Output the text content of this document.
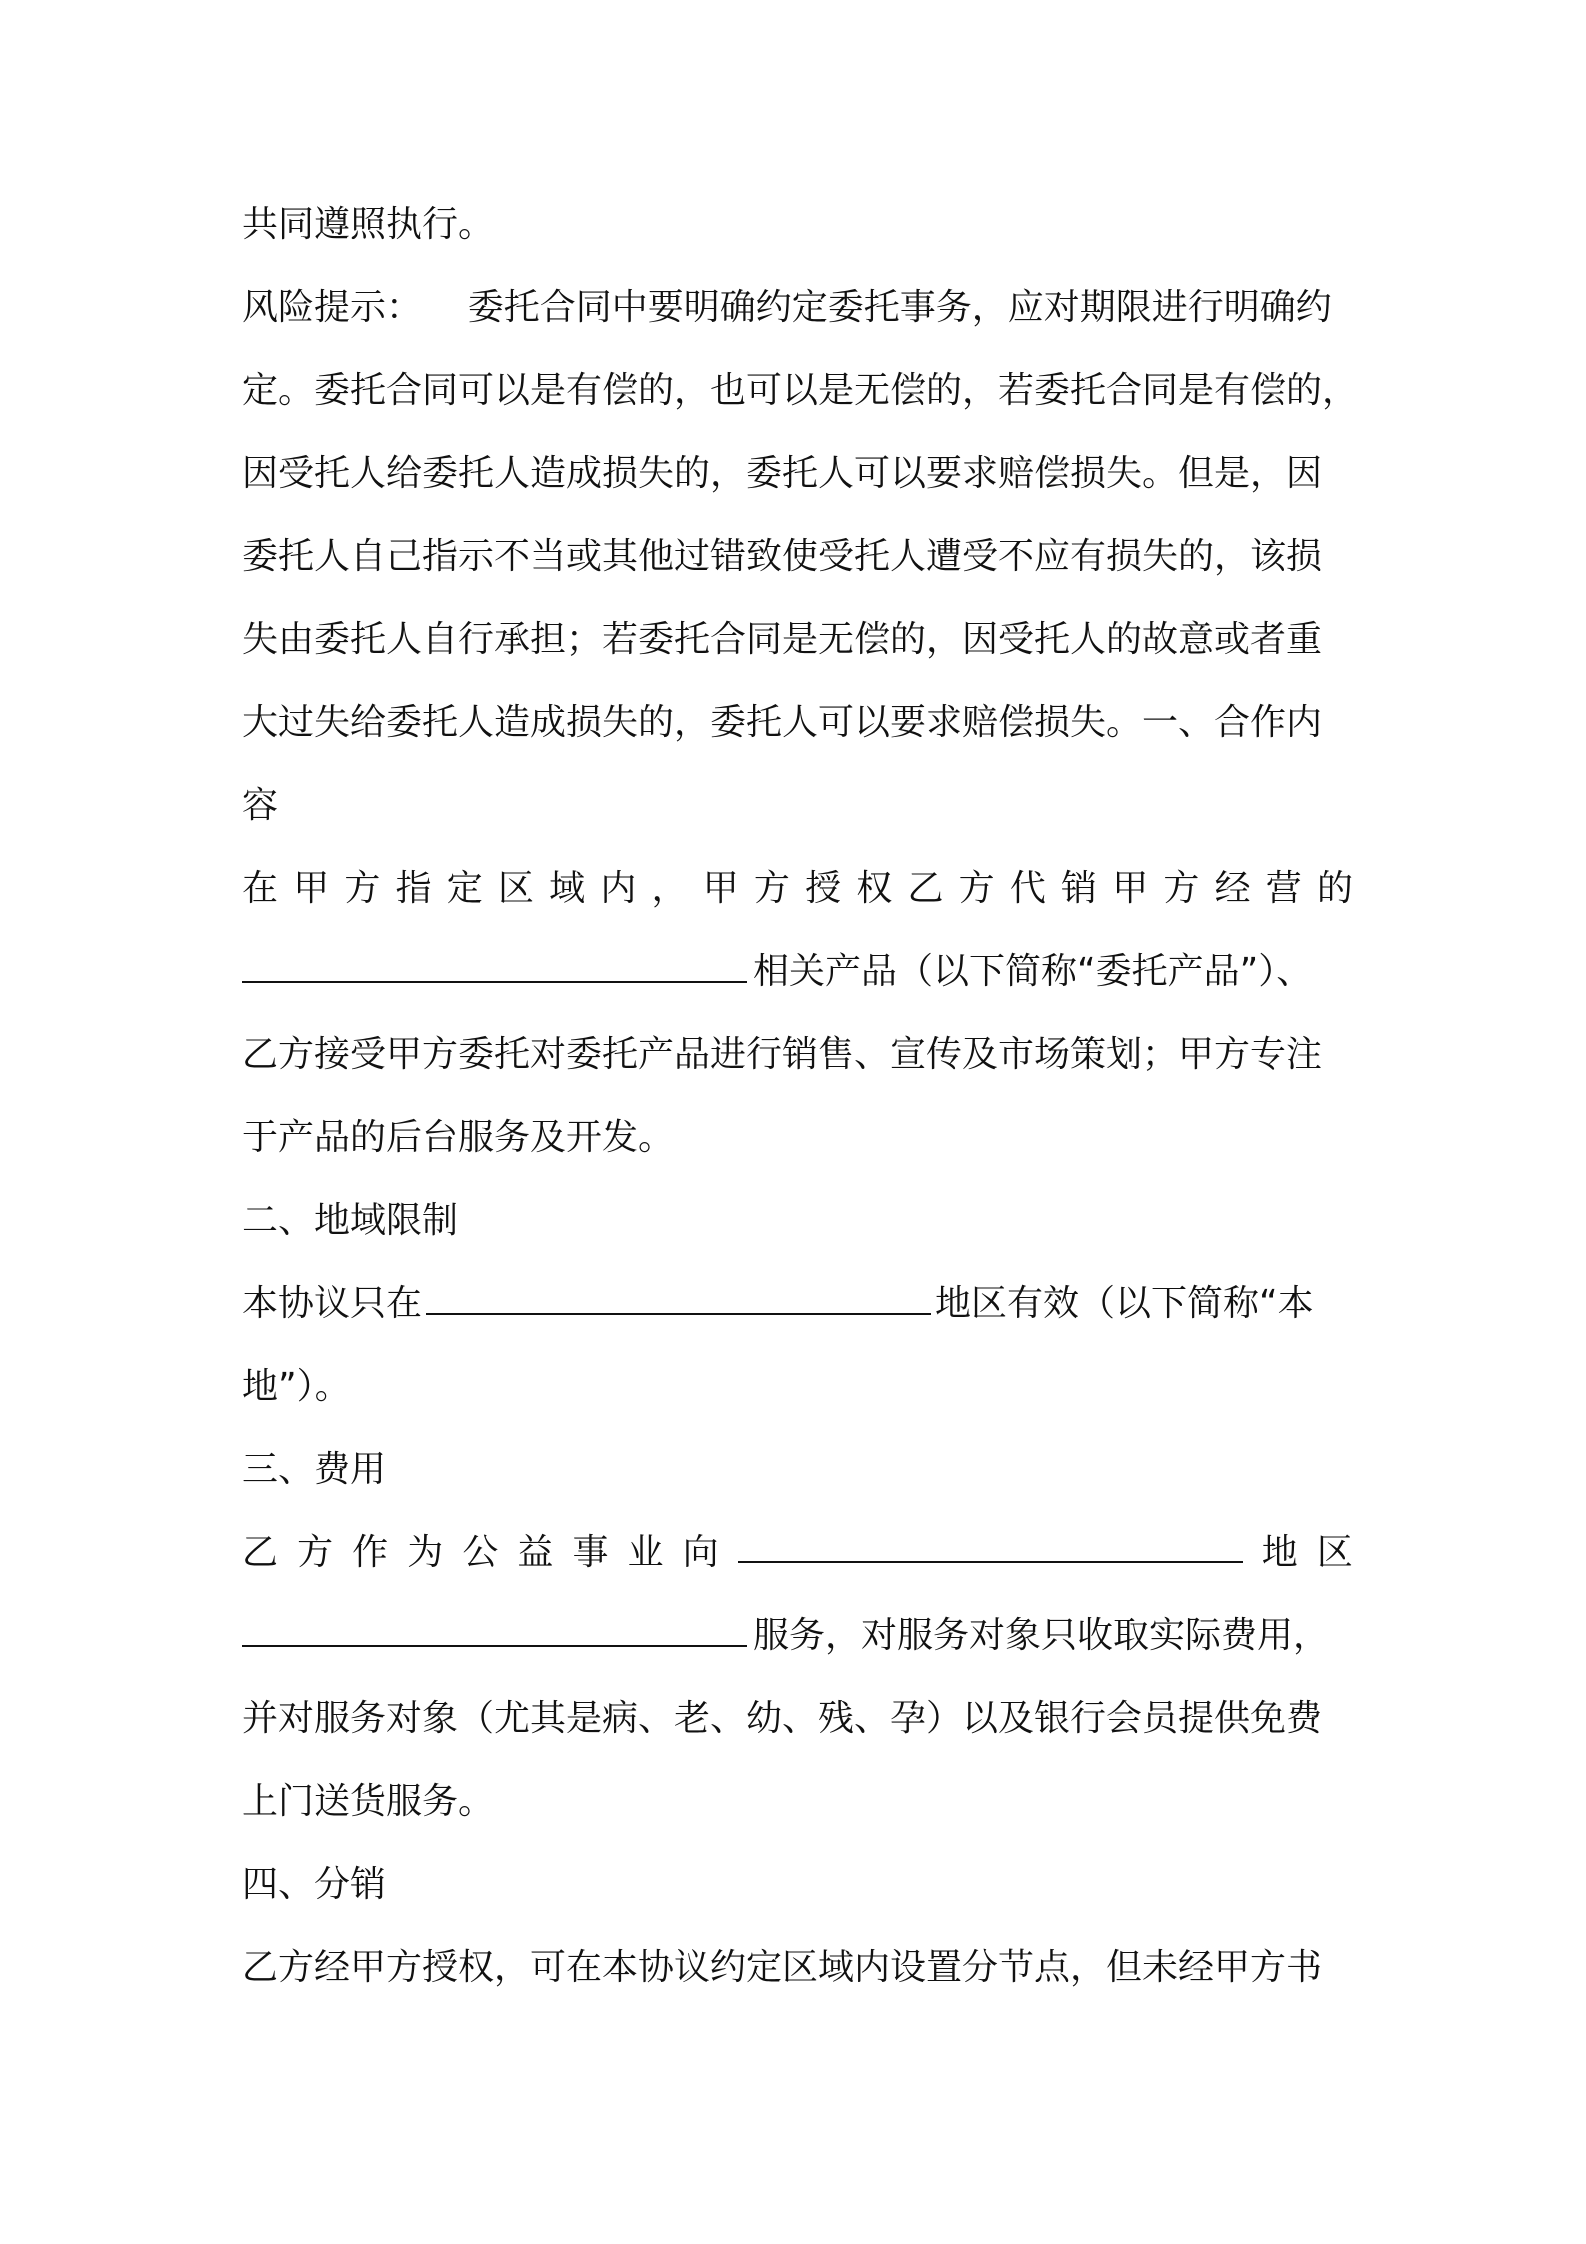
共同遵照执行。
风险提示：    委托合同中要明确约定委托事务，应对期限进行明确约
定。委托合同可以是有偿的，也可以是无偿的，若委托合同是有偿的，
因受托人给委托人造成损失的，委托人可以要求赔偿损失。但是，因
委托人自己指示不当或其他过错致使受托人遭受不应有损失的，该损
失由委托人自行承担；若委托合同是无偿的，因受托人的故意或者重
大过失给委托人造成损失的，委托人可以要求赔偿损失。一、合作内
容
在 甲 方 指 定 区 域 内 ， 甲 方 授 权 乙 方 代 销 甲 方 经 营 的
相关产品（以下简称“委托产品”）、
乙方接受甲方委托对委托产品进行销售、宣传及市场策划；甲方专注
于产品的后台服务及开发。
二、地域限制
本协议只在	地区有效（以下简称“本
地”）。
三、费用
乙 方 作 为 公 益 事 业 向	地 区
服务，对服务对象只收取实际费用，
并对服务对象（尤其是病、老、幼、残、孕）以及银行会员提供免费
上门送货服务。
四、分销
乙方经甲方授权，可在本协议约定区域内设置分节点，但未经甲方书
